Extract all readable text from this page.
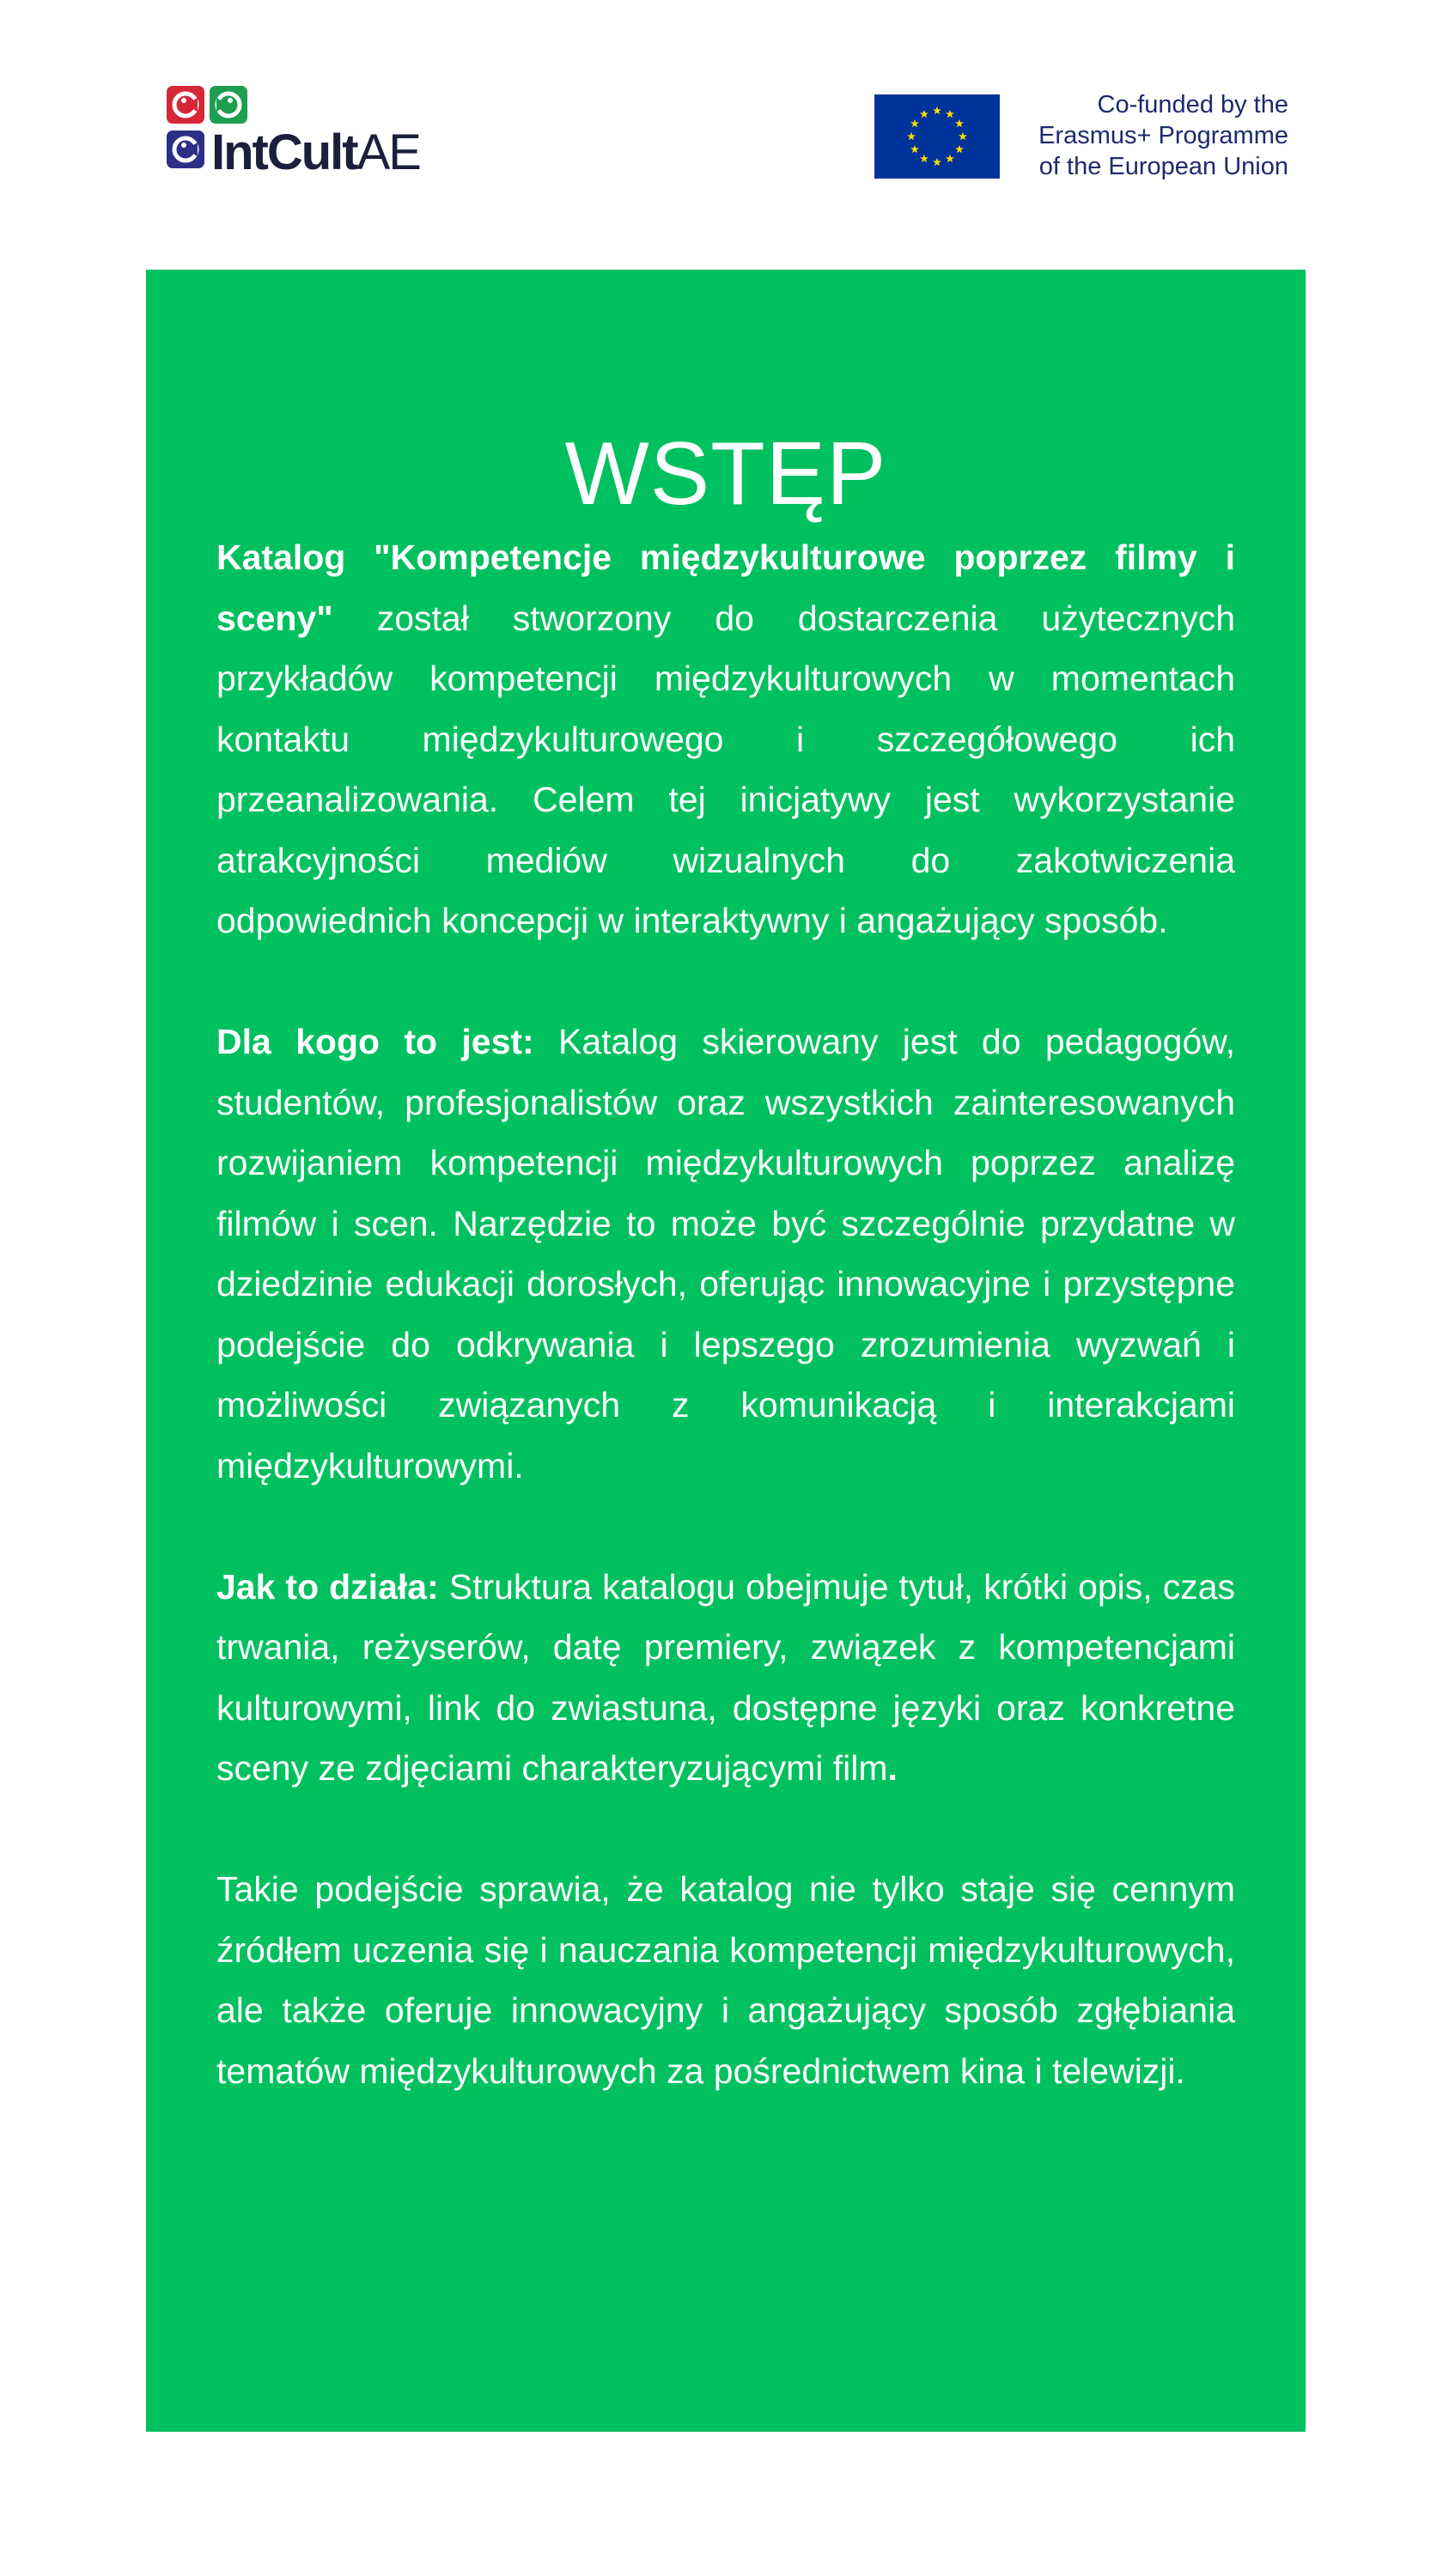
IntCultAE
Co-funded by the
Erasmus+ Programme
of the European Union
WSTĘP

Katalog "Kompetencje międzykulturowe poprzez filmy i sceny" został stworzony do dostarczenia użytecznych przykładów kompetencji międzykulturowych w momentach kontaktu międzykulturowego i szczegółowego ich przeanalizowania. Celem tej inicjatywy jest wykorzystanie atrakcyjności mediów wizualnych do zakotwiczenia odpowiednich koncepcji w interaktywny i angażujący sposób.

Dla kogo to jest: Katalog skierowany jest do pedagogów, studentów, profesjonalistów oraz wszystkich zainteresowanych rozwijaniem kompetencji międzykulturowych poprzez analizę filmów i scen. Narzędzie to może być szczególnie przydatne w dziedzinie edukacji dorosłych, oferując innowacyjne i przystępne podejście do odkrywania i lepszego zrozumienia wyzwań i możliwości związanych z komunikacją i interakcjami międzykulturowymi.

Jak to działa: Struktura katalogu obejmuje tytuł, krótki opis, czas trwania, reżyserów, datę premiery, związek z kompetencjami kulturowymi, link do zwiastuna, dostępne języki oraz konkretne sceny ze zdjęciami charakteryzującymi film.

Takie podejście sprawia, że katalog nie tylko staje się cennym źródłem uczenia się i nauczania kompetencji międzykulturowych, ale także oferuje innowacyjny i angażujący sposób zgłębiania tematów międzykulturowych za pośrednictwem kina i telewizji.
